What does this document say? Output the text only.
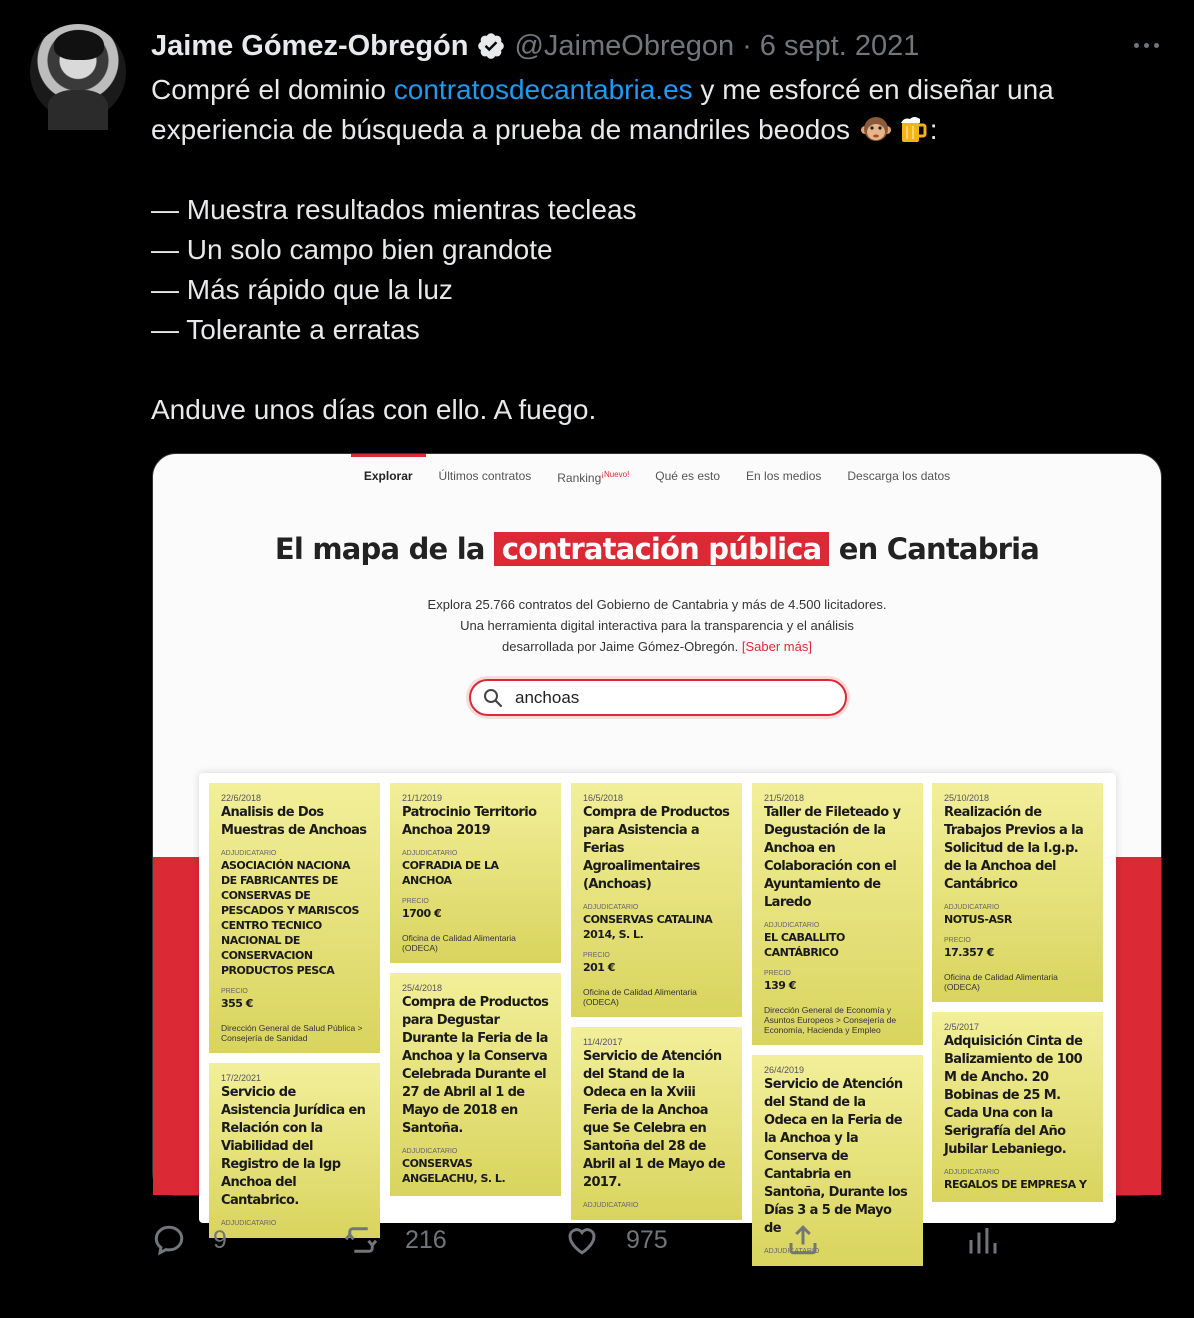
Jaime Gómez-Obregón @JaimeObregon · 6 sept. 2021

Compré el dominio contratosdecantabria.es y me esforcé en diseñar una

experiencia de búsqueda a prueba de mandriles beodos	:

— Muestra resultados mientras tecleas

— Un solo campo bien grandote

— Más rápido que la luz

— Tolerante a erratas

Anduve unos días con ello. A fuego.

Explorar	Últimos contratos	Ranking$^{¡Nuevo!}$	Qué es esto	En los medios	Descarga los datos
El mapa de la contratación pública en Cantabria
Explora 25.766 contratos del Gobierno de Cantabria y más de 4.500 licitadores.
Una herramienta digital interactiva para la transparencia y el análisis
desarrollada por Jaime Gómez-Obregón. [Saber más]
anchoas
22/6/2018
Analisis de Dos Muestras de Anchoas
ADJUDICATARIO
ASOCIACIÓN NACIONA DE FABRICANTES DE CONSERVAS DE PESCADOS Y MARISCOS CENTRO TECNICO NACIONAL DE CONSERVACION PRODUCTOS PESCA
PRECIO
355 €
Dirección General de Salud Pública > Consejería de Sanidad
17/2/2021
Servicio de Asistencia Jurídica en Relación con la Viabilidad del Registro de la Igp Anchoa del Cantabrico.
ADJUDICATARIO
21/1/2019
Patrocinio Territorio Anchoa 2019
ADJUDICATARIO
COFRADIA DE LA ANCHOA
PRECIO
1700 €
Oficina de Calidad Alimentaria (ODECA)
25/4/2018
Compra de Productos para Degustar Durante la Feria de la Anchoa y la Conserva Celebrada Durante el 27 de Abril al 1 de Mayo de 2018 en Santoña.
ADJUDICATARIO
CONSERVAS ANGELACHU, S. L.
16/5/2018
Compra de Productos para Asistencia a Ferias Agroalimentaires (Anchoas)
ADJUDICATARIO
CONSERVAS CATALINA 2014, S. L.
PRECIO
201 €
Oficina de Calidad Alimentaria (ODECA)
11/4/2017
Servicio de Atención del Stand de la Odeca en la Xviii Feria de la Anchoa que Se Celebra en Santoña del 28 de Abril al 1 de Mayo de 2017.
ADJUDICATARIO
21/5/2018
Taller de Fileteado y Degustación de la Anchoa en Colaboración con el Ayuntamiento de Laredo
ADJUDICATARIO
EL CABALLITO CANTÁBRICO
PRECIO
139 €
Dirección General de Economía y Asuntos Europeos > Consejería de Economía, Hacienda y Empleo
26/4/2019
Servicio de Atención del Stand de la Odeca en la Feria de la Anchoa y la Conserva de Cantabria en Santoña, Durante los Días 3 a 5 de Mayo de
ADJUDICATARIO
25/10/2018
Realización de Trabajos Previos a la Solicitud de la I.g.p. de la Anchoa del Cantábrico
ADJUDICATARIO
NOTUS-ASR
PRECIO
17.357 €
Oficina de Calidad Alimentaria (ODECA)
2/5/2017
Adquisición Cinta de Balizamiento de 100 M de Ancho. 20 Bobinas de 25 M. Cada Una con la Serigrafía del Año Jubilar Lebaniego.
ADJUDICATARIO
REGALOS DE EMPRESA Y
9	216	975
